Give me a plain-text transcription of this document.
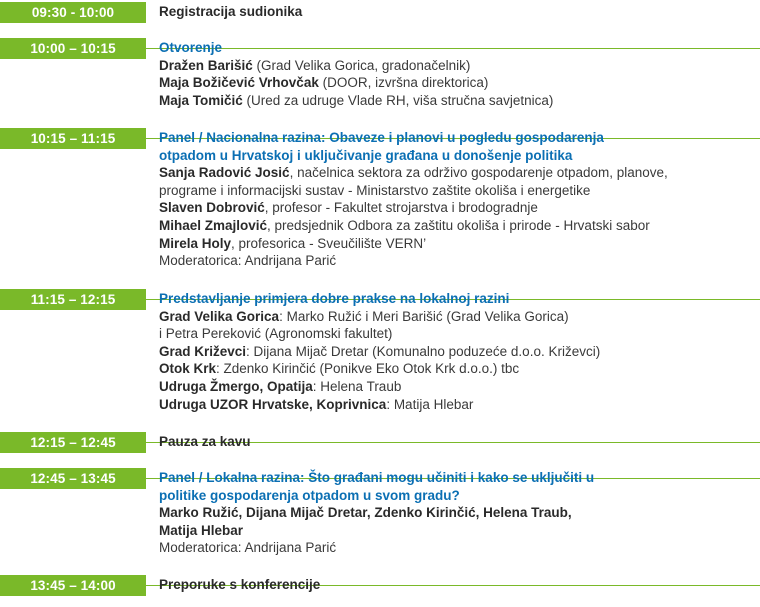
09:30 - 10:00	Registracija sudionika
10:00 – 10:15	Otvorenje
Dražen Barišić (Grad Velika Gorica, gradonačelnik)
Maja Božičević Vrhovčak (DOOR, izvršna direktorica)
Maja Tomičić (Ured za udruge Vlade RH, viša stručna savjetnica)
10:15 – 11:15	Panel / Nacionalna razina: Obaveze i planovi u pogledu gospodarenja
otpadom u Hrvatskoj i uključivanje građana u donošenje politika
Sanja Radović Josić, načelnica sektora za održivo gospodarenje otpadom, planove,
programe i informacijski sustav - Ministarstvo zaštite okoliša i energetike
Slaven Dobrović, profesor - Fakultet strojarstva i brodogradnje
Mihael Zmajlović, predsjednik Odbora za zaštitu okoliša i prirode - Hrvatski sabor
Mirela Holy, profesorica - Sveučilište VERN’
Moderatorica: Andrijana Parić
11:15 – 12:15	Predstavljanje primjera dobre prakse na lokalnoj razini
Grad Velika Gorica: Marko Ružić i Meri Barišić (Grad Velika Gorica)
i Petra Pereković (Agronomski fakultet)
Grad Križevci: Dijana Mijač Dretar (Komunalno poduzeće d.o.o. Križevci)
Otok Krk: Zdenko Kirinčić (Ponikve Eko Otok Krk d.o.o.) tbc
Udruga Žmergo, Opatija: Helena Traub
Udruga UZOR Hrvatske, Koprivnica: Matija Hlebar
12:15 – 12:45	Pauza za kavu
12:45 – 13:45	Panel / Lokalna razina: Što građani mogu učiniti i kako se uključiti u
politike gospodarenja otpadom u svom gradu?
Marko Ružić, Dijana Mijač Dretar, Zdenko Kirinčić, Helena Traub,
Matija Hlebar
Moderatorica: Andrijana Parić
13:45 – 14:00	Preporuke s konferencije
